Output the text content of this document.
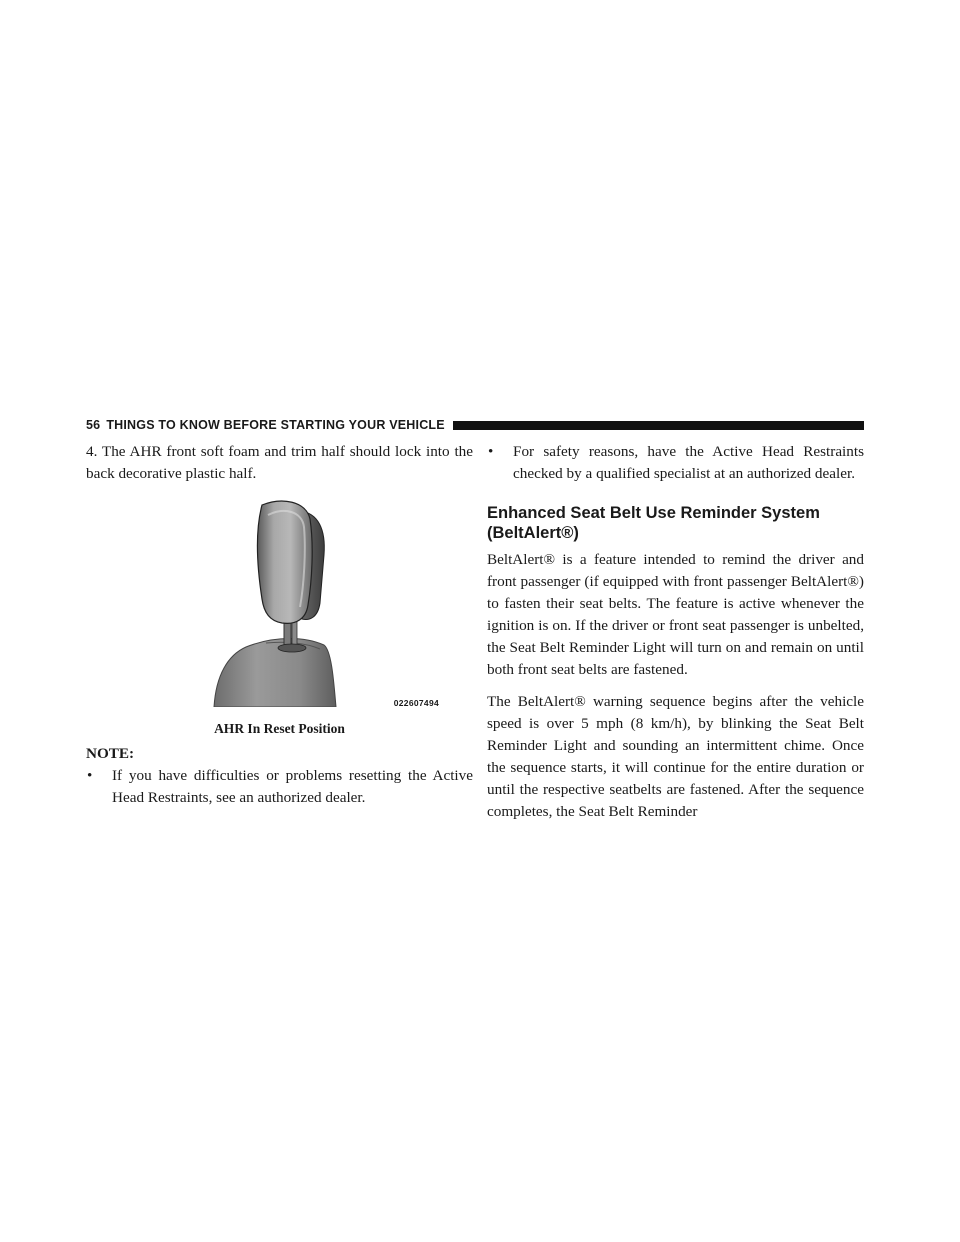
56 THINGS TO KNOW BEFORE STARTING YOUR VEHICLE

4. The AHR front soft foam and trim half should lock into the back decorative plastic half.

022607494
AHR In Reset Position

NOTE:

• If you have difficulties or problems resetting the Active Head Restraints, see an authorized dealer.

• For safety reasons, have the Active Head Restraints checked by a qualified specialist at an authorized dealer.

Enhanced Seat Belt Use Reminder System (BeltAlert®)

BeltAlert® is a feature intended to remind the driver and front passenger (if equipped with front passenger BeltAlert®) to fasten their seat belts. The feature is active whenever the ignition is on. If the driver or front seat passenger is unbelted, the Seat Belt Reminder Light will turn on and remain on until both front seat belts are fastened.

The BeltAlert® warning sequence begins after the vehicle speed is over 5 mph (8 km/h), by blinking the Seat Belt Reminder Light and sounding an intermittent chime. Once the sequence starts, it will continue for the entire duration or until the respective seatbelts are fastened. After the sequence completes, the Seat Belt Reminder
